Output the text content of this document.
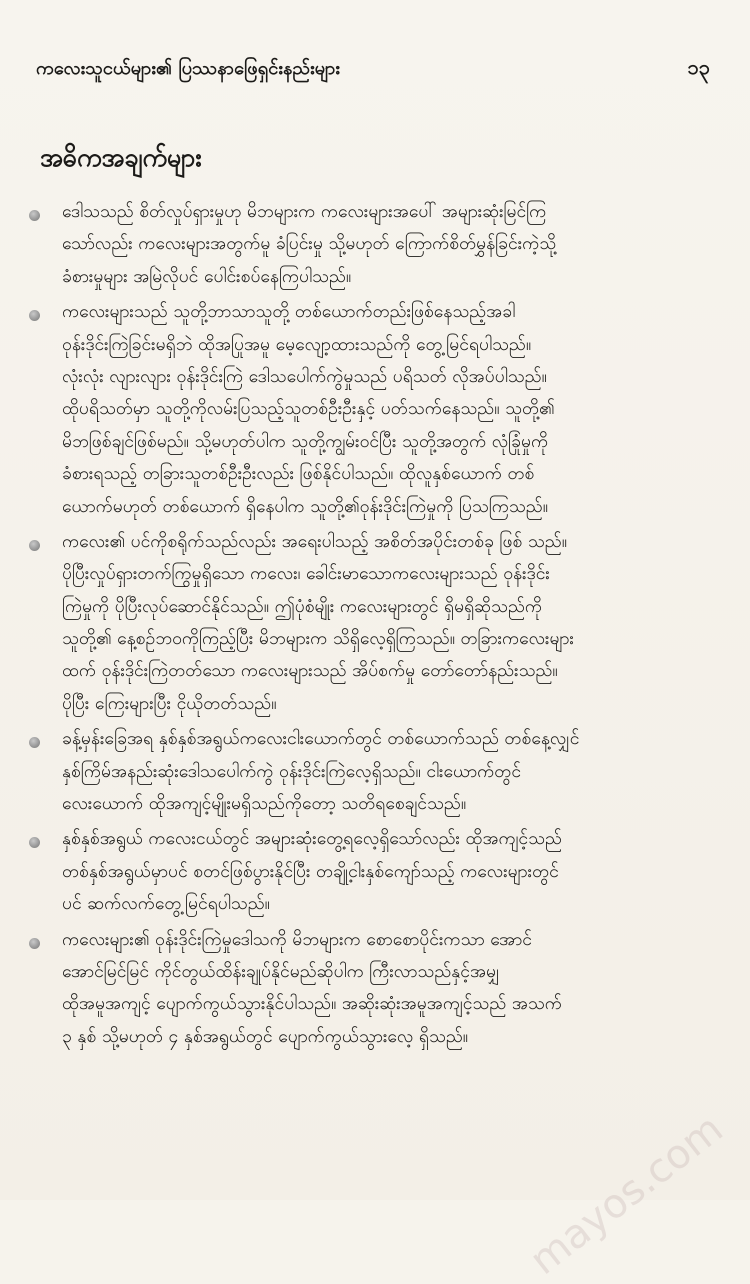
ကလေးသူငယ်များ၏ ပြဿနာဖြေရှင်းနည်းများ	၁၃
အဓိကအချက်များ
ဒေါသသည် စိတ်လှုပ်ရှားမှုဟု မိဘများက ကလေးများအပေါ် အများဆုံးမြင်ကြ
သော်လည်း ကလေးများအတွက်မူ ခံပြင်းမှု သို့မဟုတ် ကြောက်စိတ်မွှန်ခြင်းကဲ့သို့
ခံစားမှုများ အမြဲလိုပင် ပေါင်းစပ်နေကြပါသည်။
ကလေးများသည် သူတို့ဘာသာသူတို့ တစ်ယောက်တည်းဖြစ်နေသည့်အခါ
ဝုန်းဒိုင်းကြဲခြင်းမရှိဘဲ ထိုအပြုအမူ မေ့လျော့ထားသည်ကို တွေ့မြင်ရပါသည်။
လုံးလုံး လျားလျား ဝုန်းဒိုင်းကြဲ ဒေါသပေါက်ကွဲမှုသည် ပရိသတ် လိုအပ်ပါသည်။
ထိုပရိသတ်မှာ သူတို့ကိုလမ်းပြသည့်သူတစ်ဦးဦးနှင့် ပတ်သက်နေသည်။ သူတို့၏
မိဘဖြစ်ချင်ဖြစ်မည်။ သို့မဟုတ်ပါက သူတို့ကျွမ်းဝင်ပြီး သူတို့အတွက် လုံခြုံမှုကို
ခံစားရသည့် တခြားသူတစ်ဦးဦးလည်း ဖြစ်နိုင်ပါသည်။ ထိုလူနှစ်ယောက် တစ်
ယောက်မဟုတ် တစ်ယောက် ရှိနေပါက သူတို့၏ဝုန်းဒိုင်းကြဲမှုကို ပြသကြသည်။
ကလေး၏ ပင်ကိုစရိုက်သည်လည်း အရေးပါသည့် အစိတ်အပိုင်းတစ်ခု ဖြစ် သည်။
ပိုပြီးလှုပ်ရှားတက်ကြွမှုရှိသော ကလေး၊ ခေါင်းမာသောကလေးများသည် ဝုန်းဒိုင်း
ကြဲမှုကို ပိုပြီးလုပ်ဆောင်နိုင်သည်။ ဤပုံစံမျိုး ကလေးများတွင် ရှိမရှိဆိုသည်ကို
သူတို့၏ နေ့စဉ်ဘဝကိုကြည့်ပြီး မိဘများက သိရှိလေ့ရှိကြသည်။ တခြားကလေးများ
ထက် ဝုန်းဒိုင်းကြဲတတ်သော ကလေးများသည် အိပ်စက်မှု တော်တော်နည်းသည်။
ပိုပြီး ကြေးများပြီး ငိုယိုတတ်သည်။
ခန့်မှန်းခြေအရ နှစ်နှစ်အရွယ်ကလေးငါးယောက်တွင် တစ်ယောက်သည် တစ်နေ့လျှင်
နှစ်ကြိမ်အနည်းဆုံးဒေါသပေါက်ကွဲ ဝုန်းဒိုင်းကြဲလေ့ရှိသည်။ ငါးယောက်တွင်
လေးယောက် ထိုအကျင့်မျိုးမရှိသည်ကိုတော့ သတိရစေချင်သည်။
နှစ်နှစ်အရွယ် ကလေးငယ်တွင် အများဆုံးတွေ့ရလေ့ရှိသော်လည်း ထိုအကျင့်သည်
တစ်နှစ်အရွယ်မှာပင် စတင်ဖြစ်ပွားနိုင်ပြီး တချို့ငါးနှစ်ကျော်သည့် ကလေးများတွင်
ပင် ဆက်လက်တွေ့မြင်ရပါသည်။
ကလေးများ၏ ဝုန်းဒိုင်းကြဲမှုဒေါသကို မိဘများက စောစောပိုင်းကသာ အောင်
အောင်မြင်မြင် ကိုင်တွယ်ထိန်းချုပ်နိုင်မည်ဆိုပါက ကြီးလာသည်နှင့်အမျှ
ထိုအမူအကျင့် ပျောက်ကွယ်သွားနိုင်ပါသည်။ အဆိုးဆုံးအမူအကျင့်သည် အသက်
၃ နှစ် သို့မဟုတ် ၄ နှစ်အရွယ်တွင် ပျောက်ကွယ်သွားလေ့ ရှိသည်။
mayos.com
